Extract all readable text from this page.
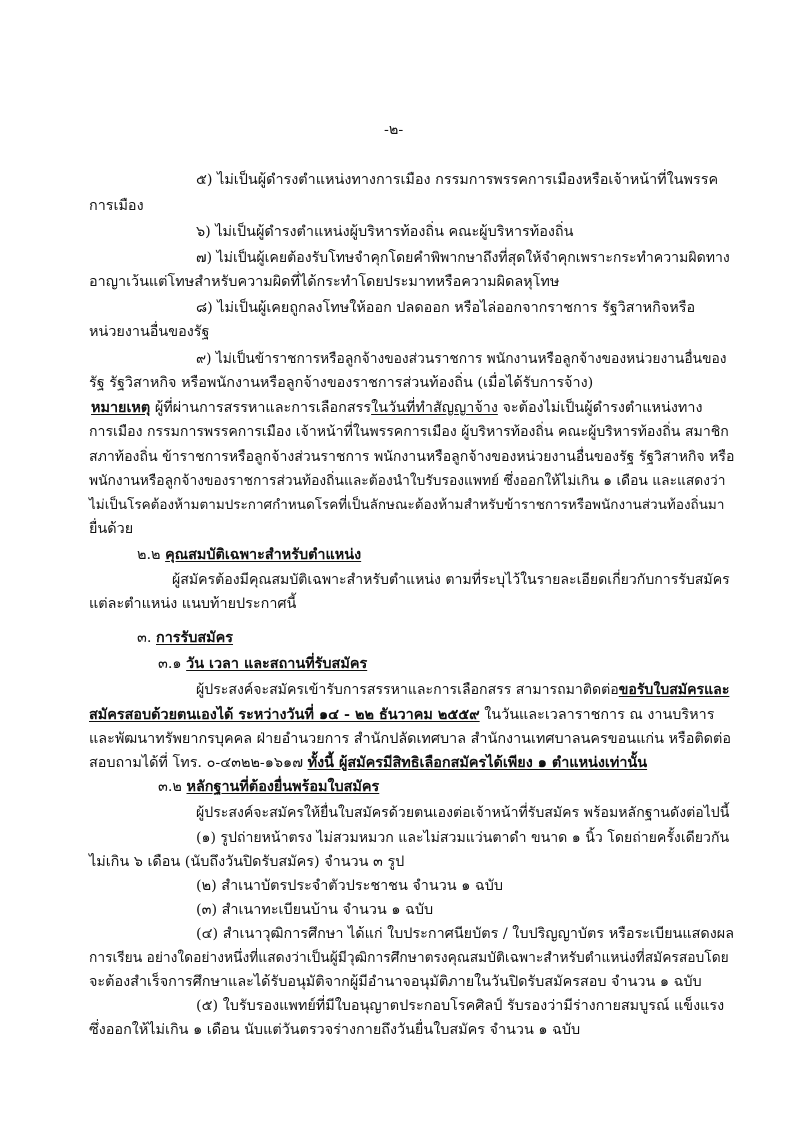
-๒-
๕) ไม่เป็นผู้ดำรงตำแหน่งทางการเมือง กรรมการพรรคการเมืองหรือเจ้าหน้าที่ในพรรค
การเมือง
๖) ไม่เป็นผู้ดำรงตำแหน่งผู้บริหารท้องถิ่น คณะผู้บริหารท้องถิ่น
๗) ไม่เป็นผู้เคยต้องรับโทษจำคุกโดยคำพิพากษาถึงที่สุดให้จำคุกเพราะกระทำความผิดทาง
อาญาเว้นแต่โทษสำหรับความผิดที่ได้กระทำโดยประมาทหรือความผิดลหุโทษ
๘) ไม่เป็นผู้เคยถูกลงโทษให้ออก ปลดออก หรือไล่ออกจากราชการ รัฐวิสาหกิจหรือ
หน่วยงานอื่นของรัฐ
๙) ไม่เป็นข้าราชการหรือลูกจ้างของส่วนราชการ พนักงานหรือลูกจ้างของหน่วยงานอื่นของ
รัฐ รัฐวิสาหกิจ หรือพนักงานหรือลูกจ้างของราชการส่วนท้องถิ่น (เมื่อได้รับการจ้าง)
หมายเหตุ ผู้ที่ผ่านการสรรหาและการเลือกสรรในวันที่ทำสัญญาจ้าง จะต้องไม่เป็นผู้ดำรงตำแหน่งทาง
การเมือง กรรมการพรรคการเมือง เจ้าหน้าที่ในพรรคการเมือง ผู้บริหารท้องถิ่น คณะผู้บริหารท้องถิ่น สมาชิก
สภาท้องถิ่น ข้าราชการหรือลูกจ้างส่วนราชการ พนักงานหรือลูกจ้างของหน่วยงานอื่นของรัฐ รัฐวิสาหกิจ หรือ
พนักงานหรือลูกจ้างของราชการส่วนท้องถิ่นและต้องนำใบรับรองแพทย์ ซึ่งออกให้ไม่เกิน ๑ เดือน และแสดงว่า
ไม่เป็นโรคต้องห้ามตามประกาศกำหนดโรคที่เป็นลักษณะต้องห้ามสำหรับข้าราชการหรือพนักงานส่วนท้องถิ่นมา
ยื่นด้วย
๒.๒ คุณสมบัติเฉพาะสำหรับตำแหน่ง
ผู้สมัครต้องมีคุณสมบัติเฉพาะสำหรับตำแหน่ง ตามที่ระบุไว้ในรายละเอียดเกี่ยวกับการรับสมัคร
แต่ละตำแหน่ง แนบท้ายประกาศนี้
๓. การรับสมัคร
๓.๑ วัน เวลา และสถานที่รับสมัคร
ผู้ประสงค์จะสมัครเข้ารับการสรรหาและการเลือกสรร สามารถมาติดต่อขอรับใบสมัครและ
สมัครสอบด้วยตนเองได้ ระหว่างวันที่ ๑๔ - ๒๒ ธันวาคม ๒๕๕๙ ในวันและเวลาราชการ ณ งานบริหาร
และพัฒนาทรัพยากรบุคคล ฝ่ายอำนวยการ สำนักปลัดเทศบาล สำนักงานเทศบาลนครขอนแก่น หรือติดต่อ
สอบถามได้ที่ โทร. ๐-๔๓๒๒-๑๖๑๗ ทั้งนี้ ผู้สมัครมีสิทธิเลือกสมัครได้เพียง ๑ ตำแหน่งเท่านั้น
๓.๒ หลักฐานที่ต้องยื่นพร้อมใบสมัคร
ผู้ประสงค์จะสมัครให้ยื่นใบสมัครด้วยตนเองต่อเจ้าหน้าที่รับสมัคร พร้อมหลักฐานดังต่อไปนี้
(๑) รูปถ่ายหน้าตรง ไม่สวมหมวก และไม่สวมแว่นตาดำ ขนาด ๑ นิ้ว โดยถ่ายครั้งเดียวกัน
ไม่เกิน ๖ เดือน (นับถึงวันปิดรับสมัคร) จำนวน ๓ รูป
(๒) สำเนาบัตรประจำตัวประชาชน จำนวน ๑ ฉบับ
(๓) สำเนาทะเบียนบ้าน จำนวน ๑ ฉบับ
(๔) สำเนาวุฒิการศึกษา ได้แก่ ใบประกาศนียบัตร / ใบปริญญาบัตร หรือระเบียนแสดงผล
การเรียน อย่างใดอย่างหนึ่งที่แสดงว่าเป็นผู้มีวุฒิการศึกษาตรงคุณสมบัติเฉพาะสำหรับตำแหน่งที่สมัครสอบโดย
จะต้องสำเร็จการศึกษาและได้รับอนุมัติจากผู้มีอำนาจอนุมัติภายในวันปิดรับสมัครสอบ จำนวน ๑ ฉบับ
(๕) ใบรับรองแพทย์ที่มีใบอนุญาตประกอบโรคศิลป์ รับรองว่ามีร่างกายสมบูรณ์ แข็งแรง
ซึ่งออกให้ไม่เกิน ๑ เดือน นับแต่วันตรวจร่างกายถึงวันยื่นใบสมัคร จำนวน ๑ ฉบับ
